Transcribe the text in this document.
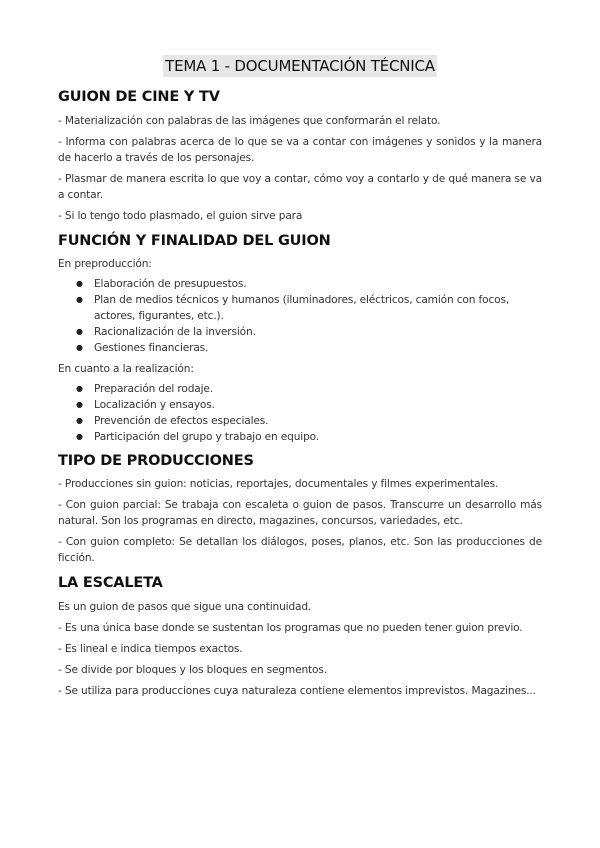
TEMA 1 - DOCUMENTACIÓN TÉCNICA
GUION DE CINE Y TV

- Materialización con palabras de las imágenes que conformarán el relato.

- Informa con palabras acerca de lo que se va a contar con imágenes y sonidos y la manera de hacerlo a través de los personajes.

- Plasmar de manera escrita lo que voy a contar, cómo voy a contarlo y de qué manera se va a contar.

- Si lo tengo todo plasmado, el guion sirve para

FUNCIÓN Y FINALIDAD DEL GUION

En preproducción:

● Elaboración de presupuestos.
● Plan de medios técnicos y humanos (iluminadores, eléctricos, camión con focos, actores, figurantes, etc.).
● Racionalización de la inversión.
● Gestiones financieras.

En cuanto a la realización:

● Preparación del rodaje.
● Localización y ensayos.
● Prevención de efectos especiales.
● Participación del grupo y trabajo en equipo.
TIPO DE PRODUCCIONES

- Producciones sin guion: noticias, reportajes, documentales y filmes experimentales.

- Con guion parcial: Se trabaja con escaleta o guion de pasos. Transcurre un desarrollo más natural. Son los programas en directo, magazines, concursos, variedades, etc.

- Con guion completo: Se detallan los diálogos, poses, planos, etc. Son las producciones de ficción.

LA ESCALETA

Es un guion de pasos que sigue una continuidad.

- Es una única base donde se sustentan los programas que no pueden tener guion previo.

- Es lineal e indica tiempos exactos.

- Se divide por bloques y los bloques en segmentos.

- Se utiliza para producciones cuya naturaleza contiene elementos imprevistos. Magazines...
